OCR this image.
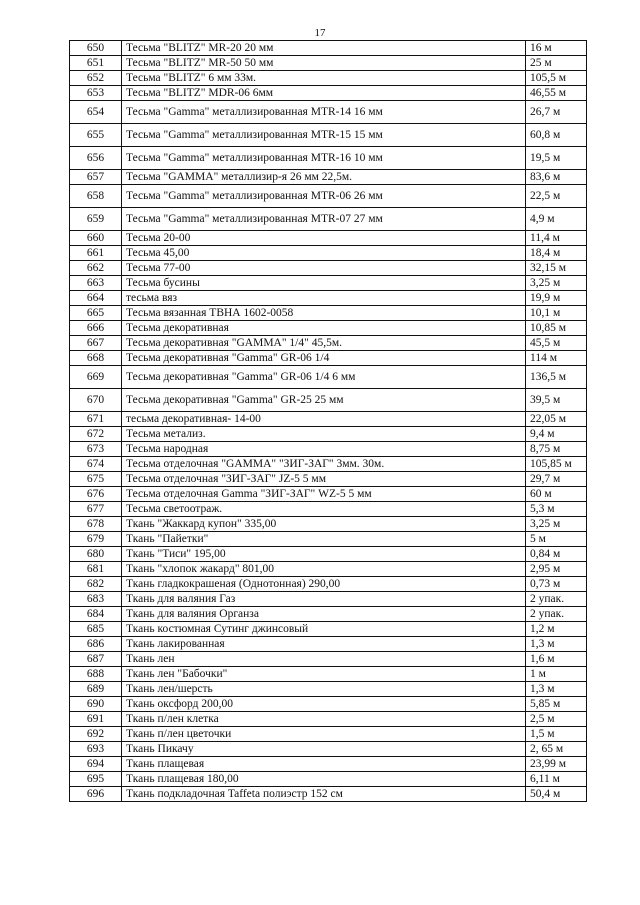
17
650	Тесьма "BLITZ" MR-20 20 мм	16 м
651	Тесьма "BLITZ" MR-50 50 мм	25 м
652	Тесьма "BLITZ" 6 мм 33м.	105,5 м
653	Тесьма "BLITZ" MDR-06 6мм	46,55 м
654	Тесьма "Gamma" металлизированная MTR-14 16 мм	26,7 м
655	Тесьма "Gamma" металлизированная MTR-15 15 мм	60,8 м
656	Тесьма "Gamma" металлизированная MTR-16 10 мм	19,5 м
657	Тесьма "GAMMA" металлизир-я 26 мм 22,5м.	83,6 м
658	Тесьма "Gamma" металлизированная MTR-06 26 мм	22,5 м
659	Тесьма "Gamma" металлизированная MTR-07 27 мм	4,9 м
660	Тесьма 20-00	11,4 м
661	Тесьма 45,00	18,4 м
662	Тесьма 77-00	32,15 м
663	Тесьма бусины	3,25 м
664	тесьма вяз	19,9 м
665	Тесьма вязанная ТВНА 1602-0058	10,1 м
666	Тесьма декоративная	10,85 м
667	Тесьма декоративная "GAMMA" 1/4" 45,5м.	45,5 м
668	Тесьма декоративная "Gamma" GR-06 1/4	114 м
669	Тесьма декоративная "Gamma" GR-06 1/4 6 мм	136,5 м
670	Тесьма декоративная "Gamma" GR-25 25 мм	39,5 м
671	тесьма декоративная- 14-00	22,05 м
672	Тесьма метализ.	9,4 м
673	Тесьма народная	8,75 м
674	Тесьма отделочная "GAMMA" "ЗИГ-ЗАГ" 3мм. 30м.	105,85 м
675	Тесьма отделочная "ЗИГ-ЗАГ" JZ-5 5 мм	29,7 м
676	Тесьма отделочная Gamma "ЗИГ-ЗАГ" WZ-5 5 мм	60 м
677	Тесьма светоотраж.	5,3 м
678	Ткань "Жаккард купон" 335,00	3,25 м
679	Ткань "Пайетки"	5 м
680	Ткань "Тиси" 195,00	0,84 м
681	Ткань "хлопок жакард" 801,00	2,95 м
682	Ткань гладкокрашеная (Однотонная) 290,00	0,73 м
683	Ткань для валяния Газ	2 упак.
684	Ткань для валяния Органза	2 упак.
685	Ткань костюмная Сутинг джинсовый	1,2 м
686	Ткань лакированная	1,3 м
687	Ткань лен	1,6 м
688	Ткань лен "Бабочки"	1 м
689	Ткань лен/шерсть	1,3 м
690	Ткань оксфорд 200,00	5,85 м
691	Ткань п/лен клетка	2,5 м
692	Ткань п/лен цветочки	1,5 м
693	Ткань Пикачу	2, 65 м
694	Ткань плащевая	23,99 м
695	Ткань плащевая 180,00	6,11 м
696	Ткань подкладочная Taffeta полиэстр 152 см	50,4 м
